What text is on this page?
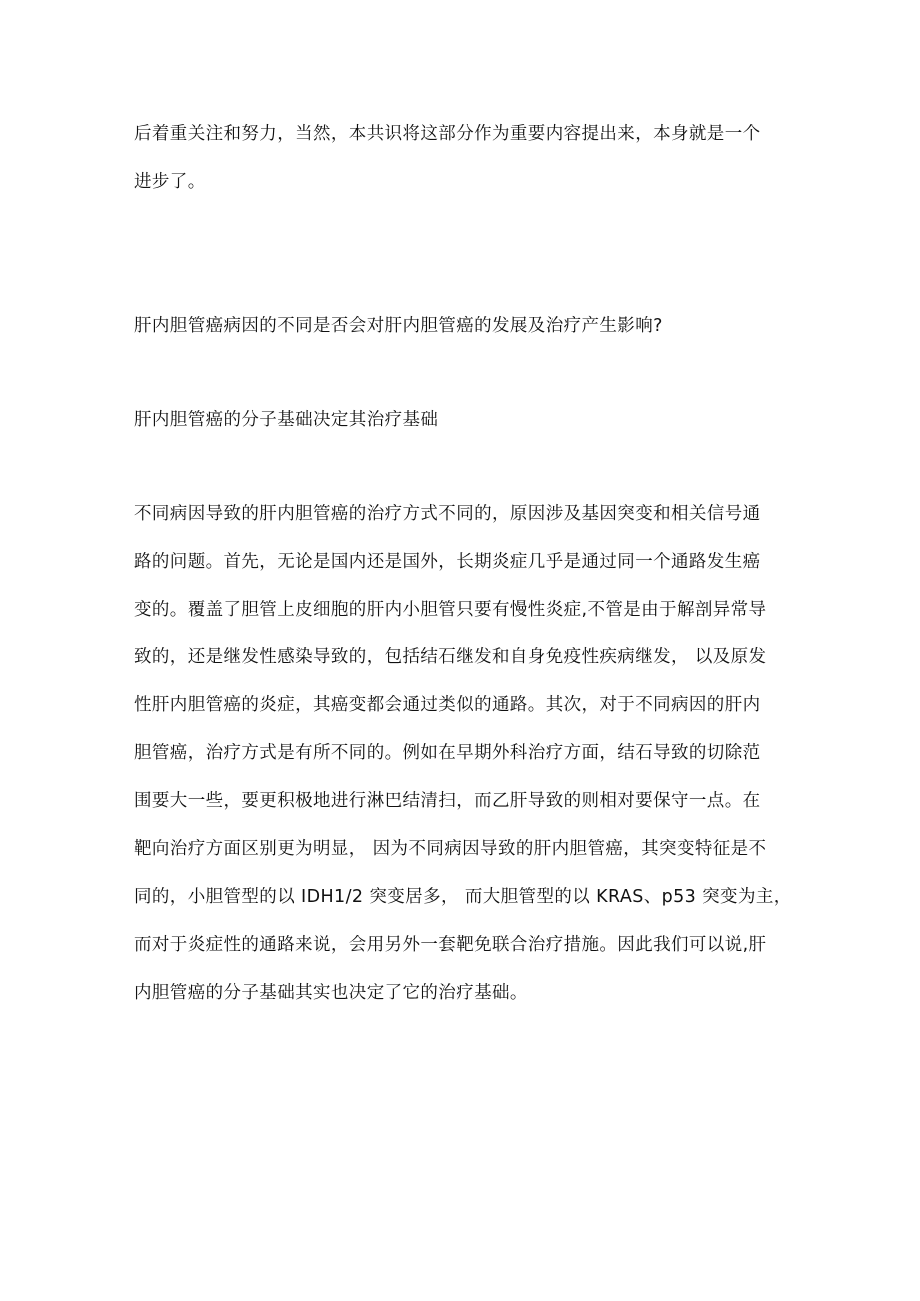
后着重关注和努力，当然，本共识将这部分作为重要内容提出来，本身就是一个
进步了。
肝内胆管癌病因的不同是否会对肝内胆管癌的发展及治疗产生影响?
肝内胆管癌的分子基础决定其治疗基础
不同病因导致的肝内胆管癌的治疗方式不同的，原因涉及基因突变和相关信号通
路的问题。首先，无论是国内还是国外，长期炎症几乎是通过同一个通路发生癌
变的。覆盖了胆管上皮细胞的肝内小胆管只要有慢性炎症,不管是由于解剖异常导
致的，还是继发性感染导致的，包括结石继发和自身免疫性疾病继发， 以及原发
性肝内胆管癌的炎症，其癌变都会通过类似的通路。其次，对于不同病因的肝内
胆管癌，治疗方式是有所不同的。例如在早期外科治疗方面，结石导致的切除范
围要大一些，要更积极地进行淋巴结清扫，而乙肝导致的则相对要保守一点。在
靶向治疗方面区别更为明显， 因为不同病因导致的肝内胆管癌，其突变特征是不
同的，小胆管型的以 IDH1/2 突变居多， 而大胆管型的以 KRAS、p53 突变为主，
而对于炎症性的通路来说，会用另外一套靶免联合治疗措施。因此我们可以说,肝
内胆管癌的分子基础其实也决定了它的治疗基础。
